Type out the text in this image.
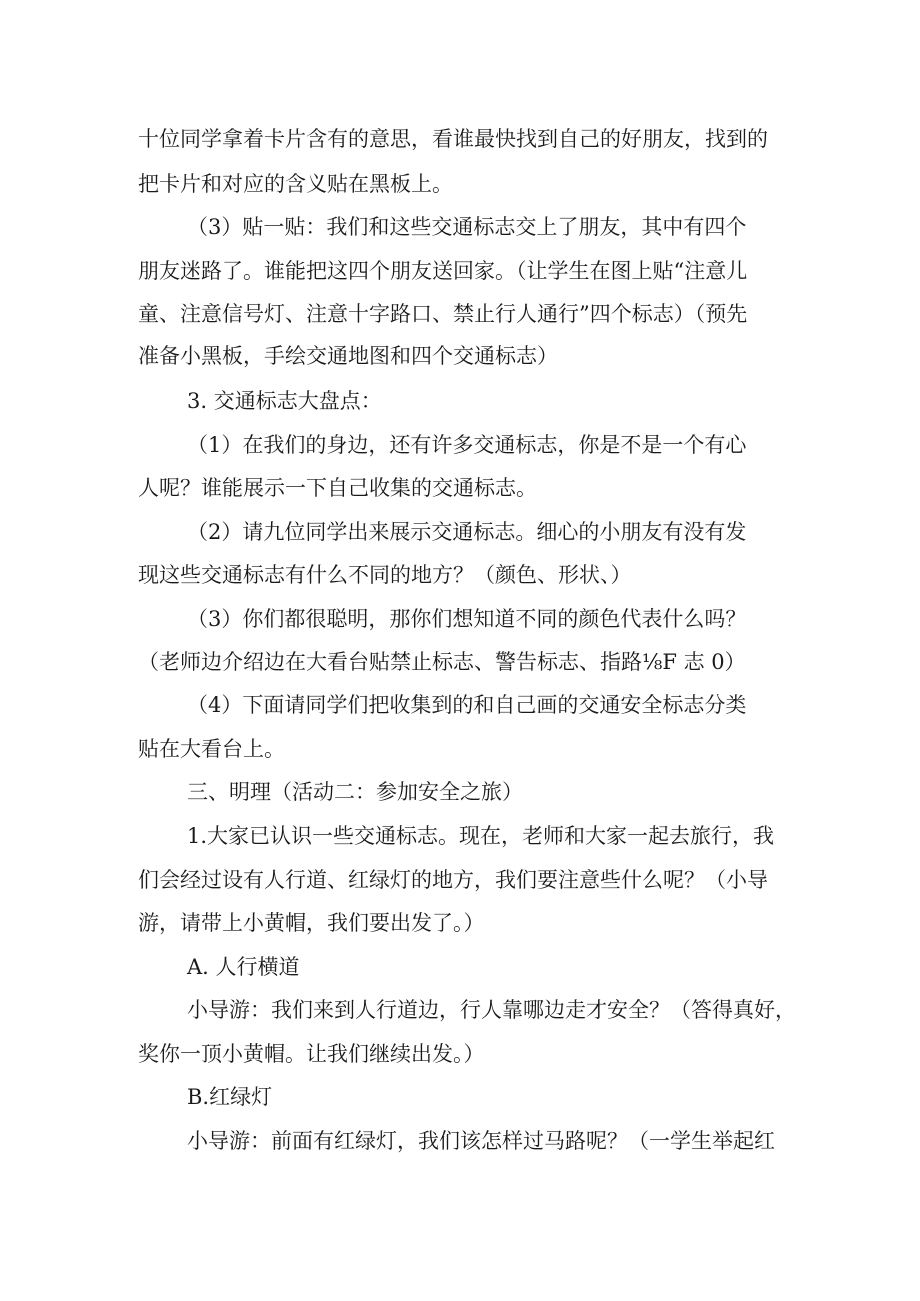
十位同学拿着卡片含有的意思，看谁最快找到自己的好朋友，找到的
把卡片和对应的含义贴在黑板上。
（3）贴一贴：我们和这些交通标志交上了朋友，其中有四个
朋友迷路了。谁能把这四个朋友送回家。（让学生在图上贴“注意儿
童、注意信号灯、注意十字路口、禁止行人通行”四个标志）（预先
准备小黑板，手绘交通地图和四个交通标志）
3. 交通标志大盘点：
（1）在我们的身边，还有许多交通标志，你是不是一个有心
人呢？谁能展示一下自己收集的交通标志。
（2）请九位同学出来展示交通标志。细心的小朋友有没有发
现这些交通标志有什么不同的地方？（颜色、形状、）
（3）你们都很聪明，那你们想知道不同的颜色代表什么吗？
（老师边介绍边在大看台贴禁止标志、警告标志、指路⅛F 志 0）
（4）下面请同学们把收集到的和自己画的交通安全标志分类
贴在大看台上。
三、明理（活动二：参加安全之旅）
1.大家已认识一些交通标志。现在，老师和大家一起去旅行，我
们会经过设有人行道、红绿灯的地方，我们要注意些什么呢？（小导
游，请带上小黄帽，我们要出发了。）
A. 人行横道
小导游：我们来到人行道边，行人靠哪边走才安全？（答得真好，
奖你一顶小黄帽。让我们继续出发。）
B.红绿灯
小导游：前面有红绿灯，我们该怎样过马路呢？（一学生举起红
